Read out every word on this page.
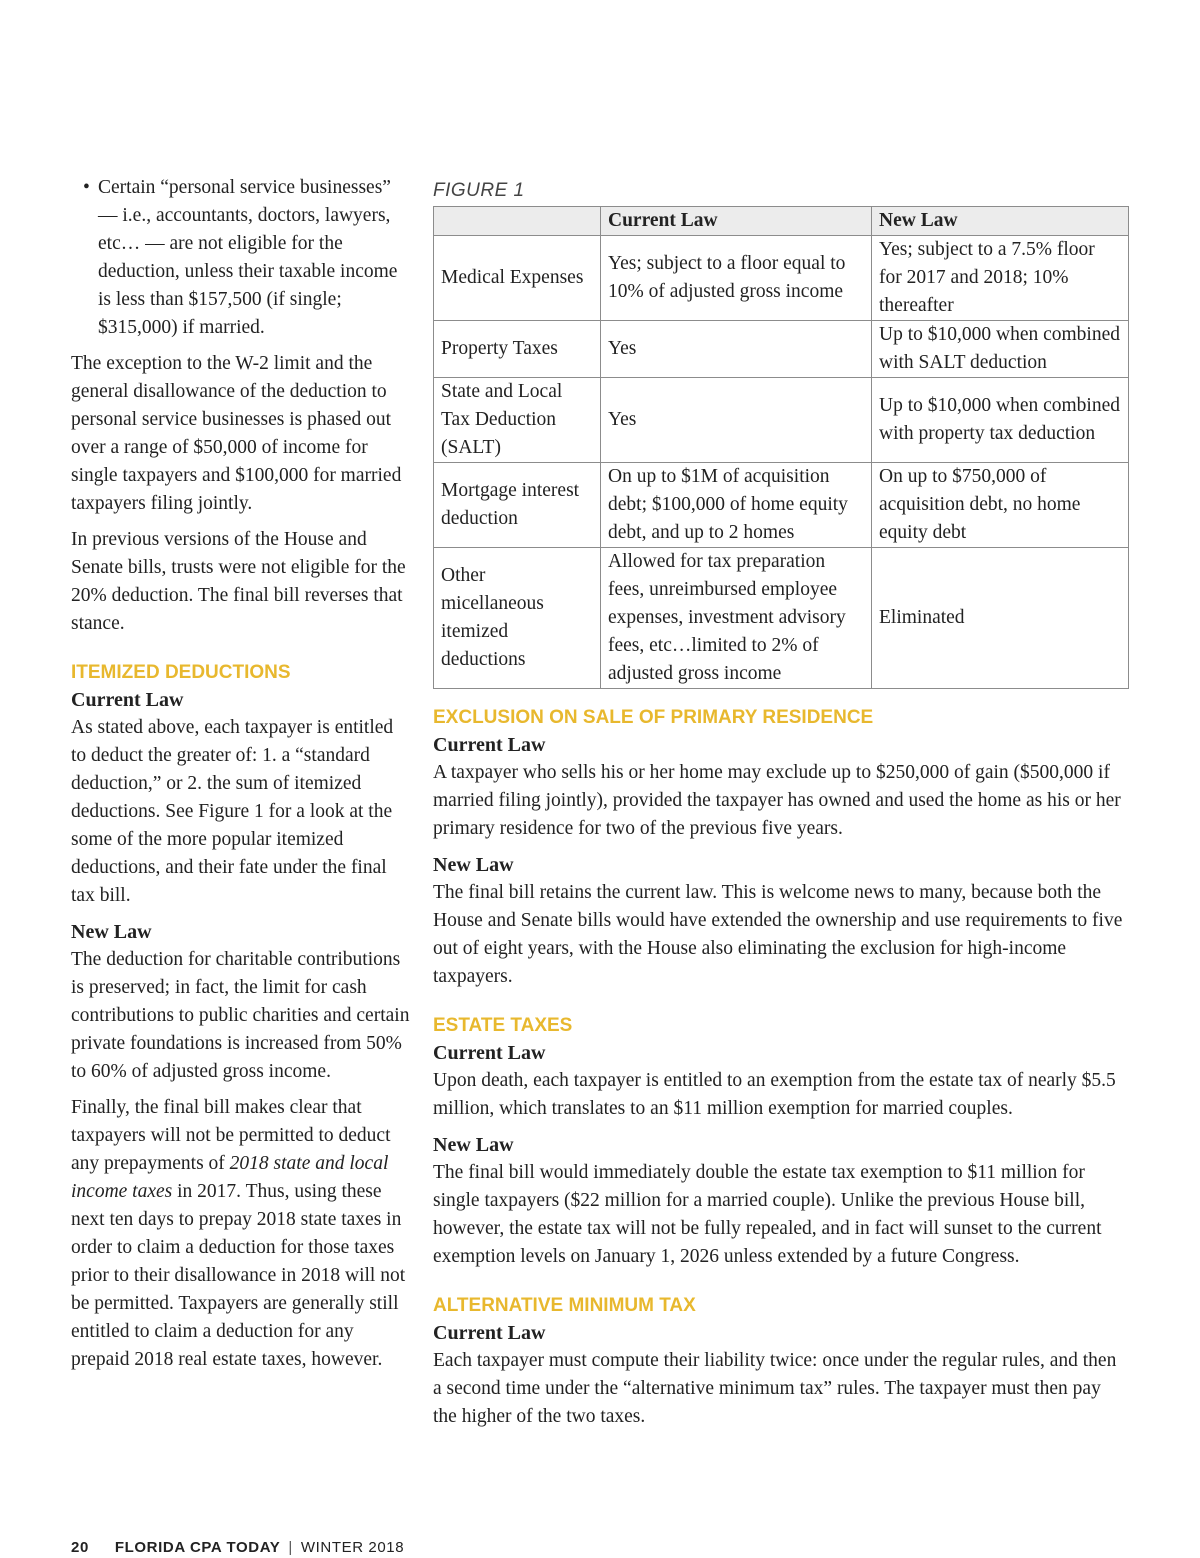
• Certain “personal service businesses” — i.e., accountants, doctors, lawyers, etc… — are not eligible for the deduction, unless their taxable income is less than $157,500 (if single; $315,000) if married.

The exception to the W-2 limit and the general disallowance of the deduction to personal service businesses is phased out over a range of $50,000 of income for single taxpayers and $100,000 for married taxpayers filing jointly.

In previous versions of the House and Senate bills, trusts were not eligible for the 20% deduction. The final bill reverses that stance.

ITEMIZED DEDUCTIONS
Current Law

As stated above, each taxpayer is entitled to deduct the greater of: 1. a “standard deduction,” or 2. the sum of itemized deductions. See Figure 1 for a look at the some of the more popular itemized deductions, and their fate under the final tax bill.

New Law

The deduction for charitable contributions is preserved; in fact, the limit for cash contributions to public charities and certain private foundations is increased from 50% to 60% of adjusted gross income.

Finally, the final bill makes clear that taxpayers will not be permitted to deduct any prepayments of 2018 state and local income taxes in 2017. Thus, using these next ten days to prepay 2018 state taxes in order to claim a deduction for those taxes prior to their disallowance in 2018 will not be permitted. Taxpayers are generally still entitled to claim a deduction for any prepaid 2018 real estate taxes, however.

FIGURE 1
	Current Law	New Law
Medical Expenses	Yes; subject to a floor equal to 10% of adjusted gross income	Yes; subject to a 7.5% floor for 2017 and 2018; 10% thereafter
Property Taxes	Yes	Up to $10,000 when combined with SALT deduction
State and Local Tax Deduction (SALT)	Yes	Up to $10,000 when combined with property tax deduction
Mortgage interest deduction	On up to $1M of acquisition debt; $100,000 of home equity debt, and up to 2 homes	On up to $750,000 of acquisition debt, no home equity debt
Other micellaneous itemized deductions	Allowed for tax preparation fees, unreimbursed employee expenses, investment advisory fees, etc…limited to 2% of adjusted gross income	Eliminated
EXCLUSION ON SALE OF PRIMARY RESIDENCE
Current Law

A taxpayer who sells his or her home may exclude up to $250,000 of gain ($500,000 if married filing jointly), provided the taxpayer has owned and used the home as his or her primary residence for two of the previous five years.

New Law

The final bill retains the current law. This is welcome news to many, because both the House and Senate bills would have extended the ownership and use requirements to five out of eight years, with the House also eliminating the exclusion for high-income taxpayers.

ESTATE TAXES
Current Law

Upon death, each taxpayer is entitled to an exemption from the estate tax of nearly $5.5 million, which translates to an $11 million exemption for married couples.

New Law

The final bill would immediately double the estate tax exemption to $11 million for single taxpayers ($22 million for a married couple). Unlike the previous House bill, however, the estate tax will not be fully repealed, and in fact will sunset to the current exemption levels on January 1, 2026 unless extended by a future Congress.

ALTERNATIVE MINIMUM TAX
Current Law

Each taxpayer must compute their liability twice: once under the regular rules, and then a second time under the “alternative minimum tax” rules. The taxpayer must then pay the higher of the two taxes.

20 FLORIDA CPA TODAY | WINTER 2018
